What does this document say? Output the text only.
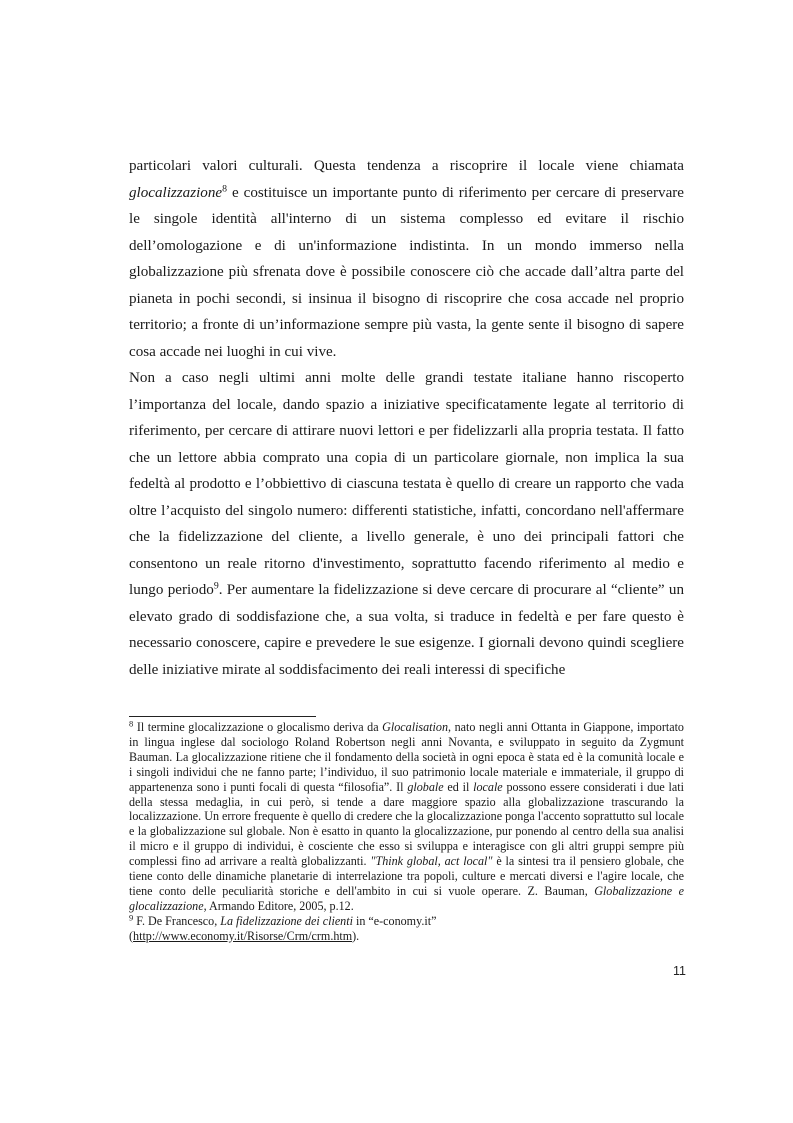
particolari valori culturali. Questa tendenza a riscoprire il locale viene chiamata glocalizzazione$^8$ e costituisce un importante punto di riferimento per cercare di preservare le singole identità all'interno di un sistema complesso ed evitare il rischio dell’omologazione e di un'informazione indistinta. In un mondo immerso nella globalizzazione più sfrenata dove è possibile conoscere ciò che accade dall’altra parte del pianeta in pochi secondi, si insinua il bisogno di riscoprire che cosa accade nel proprio territorio; a fronte di un’informazione sempre più vasta, la gente sente il bisogno di sapere cosa accade nei luoghi in cui vive.

Non a caso negli ultimi anni molte delle grandi testate italiane hanno riscoperto l’importanza del locale, dando spazio a iniziative specificatamente legate al territorio di riferimento, per cercare di attirare nuovi lettori e per fidelizzarli alla propria testata. Il fatto che un lettore abbia comprato una copia di un particolare giornale, non implica la sua fedeltà al prodotto e l’obbiettivo di ciascuna testata è quello di creare un rapporto che vada oltre l’acquisto del singolo numero: differenti statistiche, infatti, concordano nell'affermare che la fidelizzazione del cliente, a livello generale, è uno dei principali fattori che consentono un reale ritorno d'investimento, soprattutto facendo riferimento al medio e lungo periodo$^9$. Per aumentare la fidelizzazione si deve cercare di procurare al “cliente” un elevato grado di soddisfazione che, a sua volta, si traduce in fedeltà e per fare questo è necessario conoscere, capire e prevedere le sue esigenze. I giornali devono quindi scegliere delle iniziative mirate al soddisfacimento dei reali interessi di specifiche

$^8$ Il termine glocalizzazione o glocalismo deriva da Glocalisation, nato negli anni Ottanta in Giappone, importato in lingua inglese dal sociologo Roland Robertson negli anni Novanta, e sviluppato in seguito da Zygmunt Bauman. La glocalizzazione ritiene che il fondamento della società in ogni epoca è stata ed è la comunità locale e i singoli individui che ne fanno parte; l’individuo, il suo patrimonio locale materiale e immateriale, il gruppo di appartenenza sono i punti focali di questa “filosofia”. Il globale ed il locale possono essere considerati i due lati della stessa medaglia, in cui però, si tende a dare maggiore spazio alla globalizzazione trascurando la localizzazione. Un errore frequente è quello di credere che la glocalizzazione ponga l'accento soprattutto sul locale e la globalizzazione sul globale. Non è esatto in quanto la glocalizzazione, pur ponendo al centro della sua analisi il micro e il gruppo di individui, è cosciente che esso si sviluppa e interagisce con gli altri gruppi sempre più complessi fino ad arrivare a realtà globalizzanti. "Think global, act local" è la sintesi tra il pensiero globale, che tiene conto delle dinamiche planetarie di interrelazione tra popoli, culture e mercati diversi e l'agire locale, che tiene conto delle peculiarità storiche e dell'ambito in cui si vuole operare. Z. Bauman, Globalizzazione e glocalizzazione, Armando Editore, 2005, p.12.

$^9$ F. De Francesco, La fidelizzazione dei clienti in “e-conomy.it”
(http://www.economy.it/Risorse/Crm/crm.htm).

11
